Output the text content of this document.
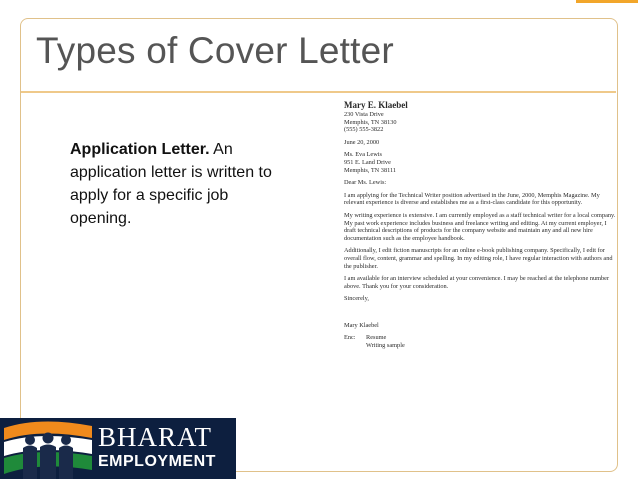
Types of Cover Letter
Application Letter. An application letter is written to apply for a specific job opening.
Mary E. Klaebel
230 Vista Drive
Memphis, TN 38130
(555) 555-3822
June 20, 2000
Ms. Eva Lewis
951 E. Land Drive
Memphis, TN 38111
Dear Ms. Lewis:
I am applying for the Technical Writer position advertised in the June, 2000, Memphis Magazine. My relevant experience is diverse and establishes me as a first-class candidate for this opportunity.
My writing experience is extensive. I am currently employed as a staff technical writer for a local company. My past work experience includes business and freelance writing and editing. At my current employer, I draft technical descriptions of products for the company website and maintain any and all new hire documentation such as the employee handbook.
Additionally, I edit fiction manuscripts for an online e-book publishing company. Specifically, I edit for overall flow, content, grammar and spelling. In my editing role, I have regular interaction with authors and the publisher.
I am available for an interview scheduled at your convenience. I may be reached at the telephone number above. Thank you for your consideration.
Sincerely,
Mary Klaebel
Enc: Resume
Writing sample
BHARAT
EMPLOYMENT
